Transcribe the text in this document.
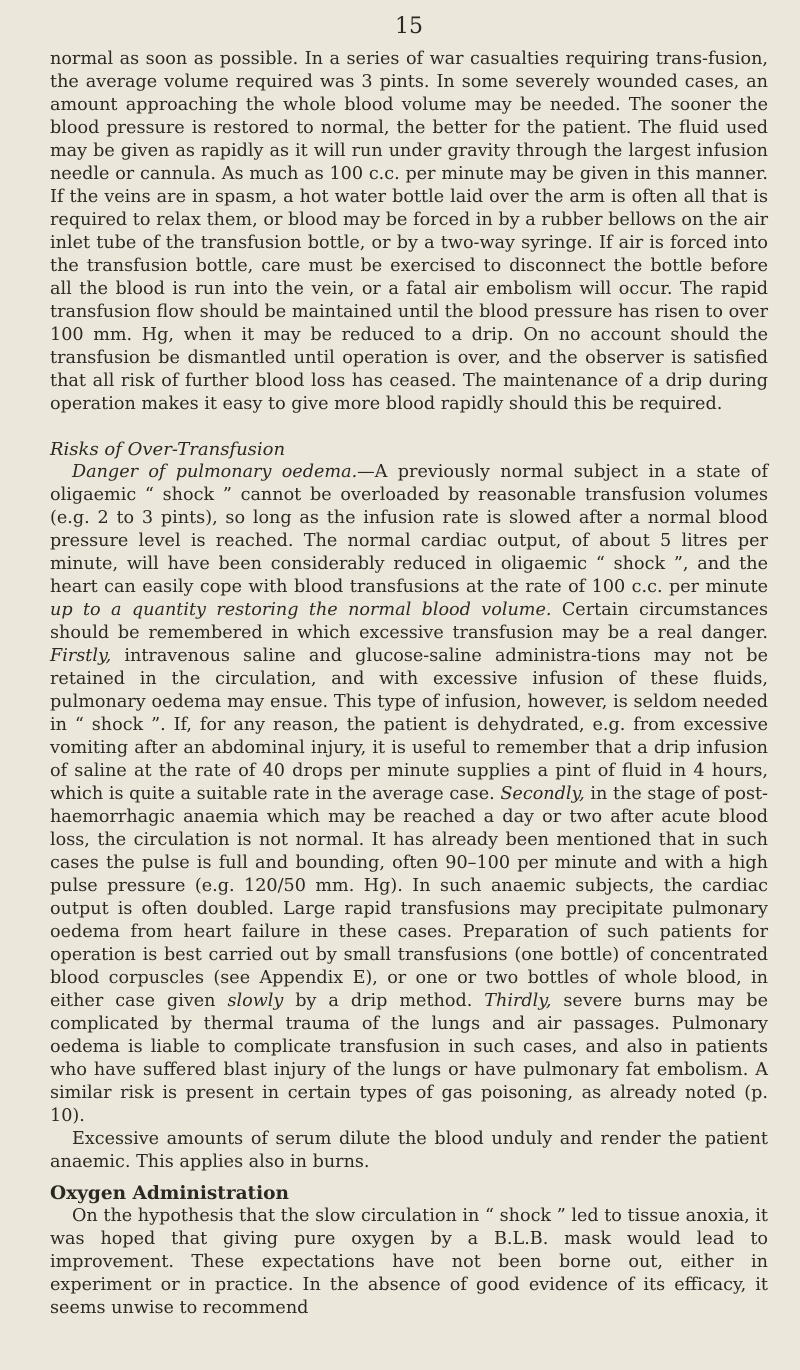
15

normal as soon as possible. In a series of war casualties requiring trans-fusion, the average volume required was 3 pints. In some severely wounded cases, an amount approaching the whole blood volume may be needed. The sooner the blood pressure is restored to normal, the better for the patient. The fluid used may be given as rapidly as it will run under gravity through the largest infusion needle or cannula. As much as 100 c.c. per minute may be given in this manner. If the veins are in spasm, a hot water bottle laid over the arm is often all that is required to relax them, or blood may be forced in by a rubber bellows on the air inlet tube of the transfusion bottle, or by a two-way syringe. If air is forced into the transfusion bottle, care must be exercised to disconnect the bottle before all the blood is run into the vein, or a fatal air embolism will occur. The rapid transfusion flow should be maintained until the blood pressure has risen to over 100 mm. Hg, when it may be reduced to a drip. On no account should the transfusion be dismantled until operation is over, and the observer is satisfied that all risk of further blood loss has ceased. The maintenance of a drip during operation makes it easy to give more blood rapidly should this be required.

Risks of Over-Transfusion

Danger of pulmonary oedema.—A previously normal subject in a state of oligaemic “ shock ” cannot be overloaded by reasonable transfusion volumes (e.g. 2 to 3 pints), so long as the infusion rate is slowed after a normal blood pressure level is reached. The normal cardiac output, of about 5 litres per minute, will have been considerably reduced in oligaemic “ shock ”, and the heart can easily cope with blood transfusions at the rate of 100 c.c. per minute up to a quantity restoring the normal blood volume. Certain circumstances should be remembered in which excessive transfusion may be a real danger. Firstly, intravenous saline and glucose-saline administra-tions may not be retained in the circulation, and with excessive infusion of these fluids, pulmonary oedema may ensue. This type of infusion, however, is seldom needed in “ shock ”. If, for any reason, the patient is dehydrated, e.g. from excessive vomiting after an abdominal injury, it is useful to remember that a drip infusion of saline at the rate of 40 drops per minute supplies a pint of fluid in 4 hours, which is quite a suitable rate in the average case. Secondly, in the stage of post-haemorrhagic anaemia which may be reached a day or two after acute blood loss, the circulation is not normal. It has already been mentioned that in such cases the pulse is full and bounding, often 90–100 per minute and with a high pulse pressure (e.g. 120/50 mm. Hg). In such anaemic subjects, the cardiac output is often doubled. Large rapid transfusions may precipitate pulmonary oedema from heart failure in these cases. Preparation of such patients for operation is best carried out by small transfusions (one bottle) of concentrated blood corpuscles (see Appendix E), or one or two bottles of whole blood, in either case given slowly by a drip method. Thirdly, severe burns may be complicated by thermal trauma of the lungs and air passages. Pulmonary oedema is liable to complicate transfusion in such cases, and also in patients who have suffered blast injury of the lungs or have pulmonary fat embolism. A similar risk is present in certain types of gas poisoning, as already noted (p. 10).

Excessive amounts of serum dilute the blood unduly and render the patient anaemic. This applies also in burns.

Oxygen Administration

On the hypothesis that the slow circulation in “ shock ” led to tissue anoxia, it was hoped that giving pure oxygen by a B.L.B. mask would lead to improvement. These expectations have not been borne out, either in experiment or in practice. In the absence of good evidence of its efficacy, it seems unwise to recommend
